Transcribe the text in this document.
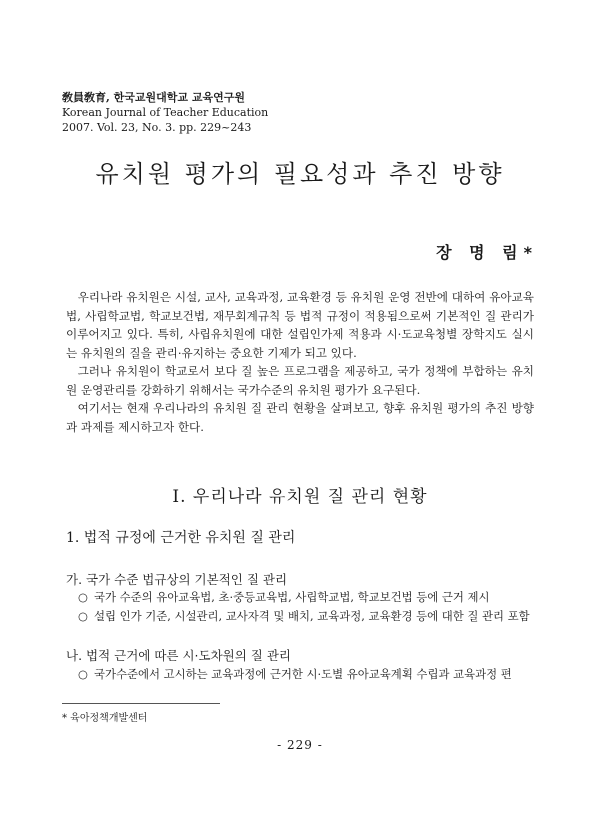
敎員敎育, 한국교원대학교 교육연구원
Korean Journal of Teacher Education
2007. Vol. 23, No. 3. pp. 229~243
유치원 평가의 필요성과 추진 방향
장 명 림*

우리나라 유치원은 시설, 교사, 교육과정, 교육환경 등 유치원 운영 전반에 대하여 유아교육법, 사립학교법, 학교보건법, 재무회계규칙 등 법적 규정이 적용됨으로써 기본적인 질 관리가 이루어지고 있다. 특히, 사립유치원에 대한 설립인가제 적용과 시·도교육청별 장학지도 실시는 유치원의 질을 관리·유지하는 중요한 기제가 되고 있다.

그러나 유치원이 학교로서 보다 질 높은 프로그램을 제공하고, 국가 정책에 부합하는 유치원 운영관리를 강화하기 위해서는 국가수준의 유치원 평가가 요구된다.

여기서는 현재 우리나라의 유치원 질 관리 현황을 살펴보고, 향후 유치원 평가의 추진 방향과 과제를 제시하고자 한다.

Ⅰ. 우리나라 유치원 질 관리 현황
1. 법적 규정에 근거한 유치원 질 관리
가. 국가 수준 법규상의 기본적인 질 관리
○ 국가 수준의 유아교육법, 초·중등교육법, 사립학교법, 학교보건법 등에 근거 제시
○ 설립 인가 기준, 시설관리, 교사자격 및 배치, 교육과정, 교육환경 등에 대한 질 관리 포함
나. 법적 근거에 따른 시·도차원의 질 관리
○ 국가수준에서 고시하는 교육과정에 근거한 시·도별 유아교육계획 수립과 교육과정 편
* 육아정책개발센터
- 229 -
